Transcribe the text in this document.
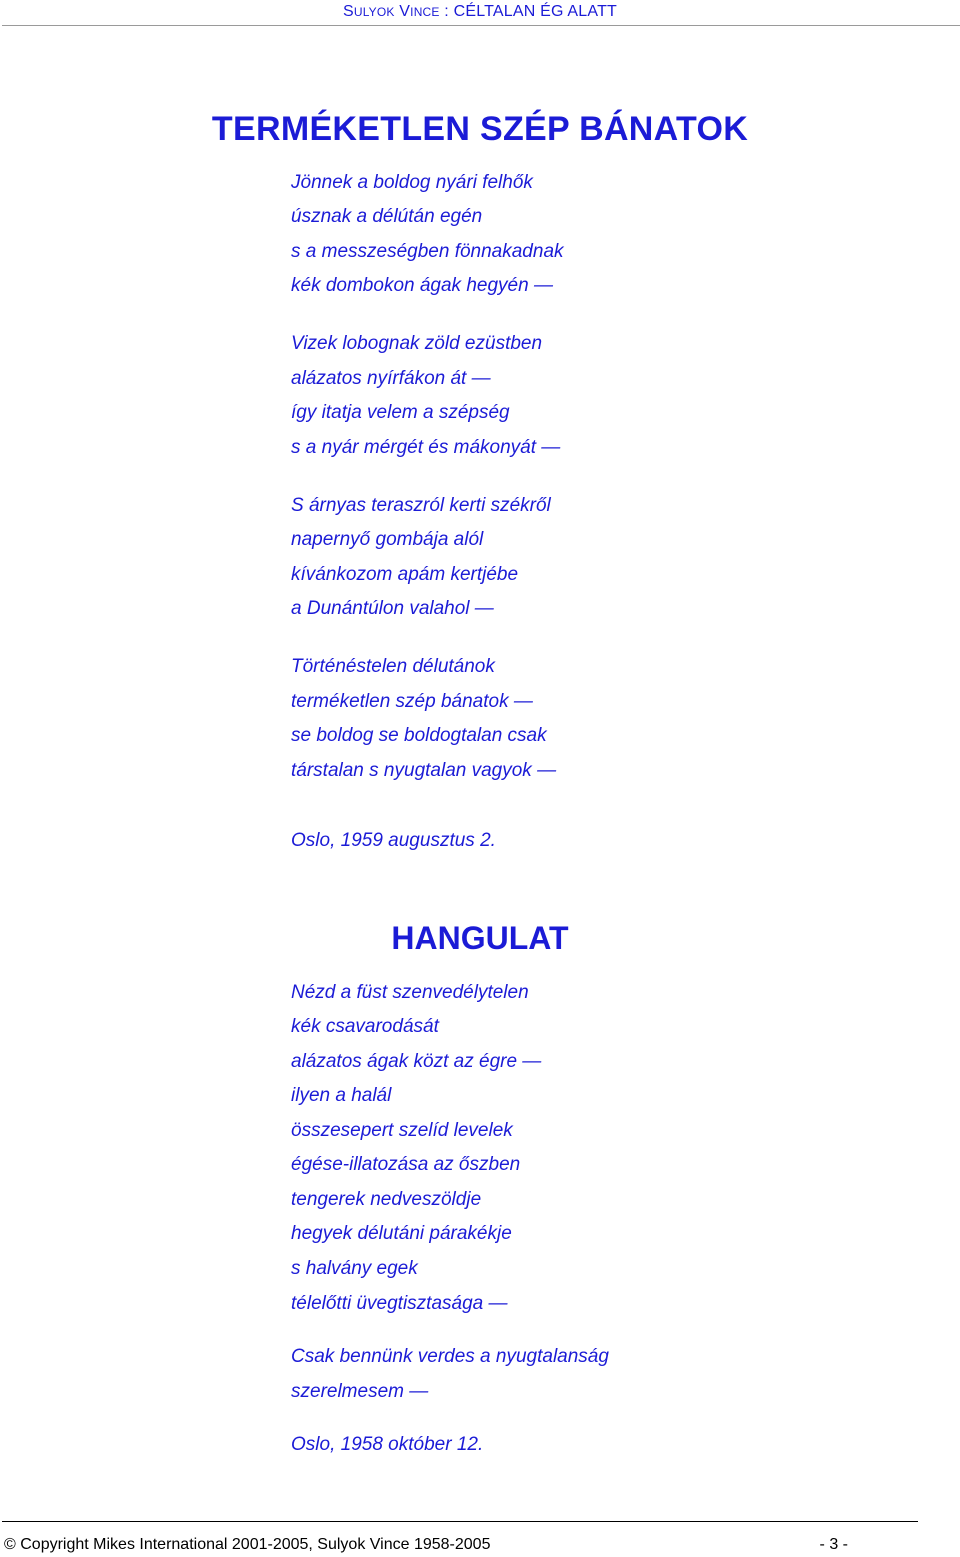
SULYOK VINCE : CÉLTALAN ÉG ALATT
TERMÉKETLEN SZÉP BÁNATOK
Jönnek a boldog nyári felhők
úsznak a délútán egén
s a messzeségben fönnakadnak
kék dombokon ágak hegyén —
Vizek lobognak zöld ezüstben
alázatos nyírfákon át —
így itatja velem a szépség
s a nyár mérgét és mákonyát —
S árnyas teraszról kerti székről
napernyő gombája alól
kívánkozom apám kertjébe
a Dunántúlon valahol —
Történéstelen délutánok
terméketlen szép bánatok —
se boldog se boldogtalan csak
társtalan s nyugtalan vagyok —
Oslo, 1959 augusztus 2.
HANGULAT
Nézd a füst szenvedélytelen
kék csavarodását
alázatos ágak közt az égre —
ilyen a halál
összesepert szelíd levelek
égése-illatozása az őszben
tengerek nedveszöldje
hegyek délutáni párakékje
s halvány egek
télelőtti üvegtisztasága —
Csak bennünk verdes a nyugtalanság
szerelmesem —
Oslo, 1958 október 12.
© Copyright Mikes International 2001-2005, Sulyok Vince 1958-2005	- 3 -
